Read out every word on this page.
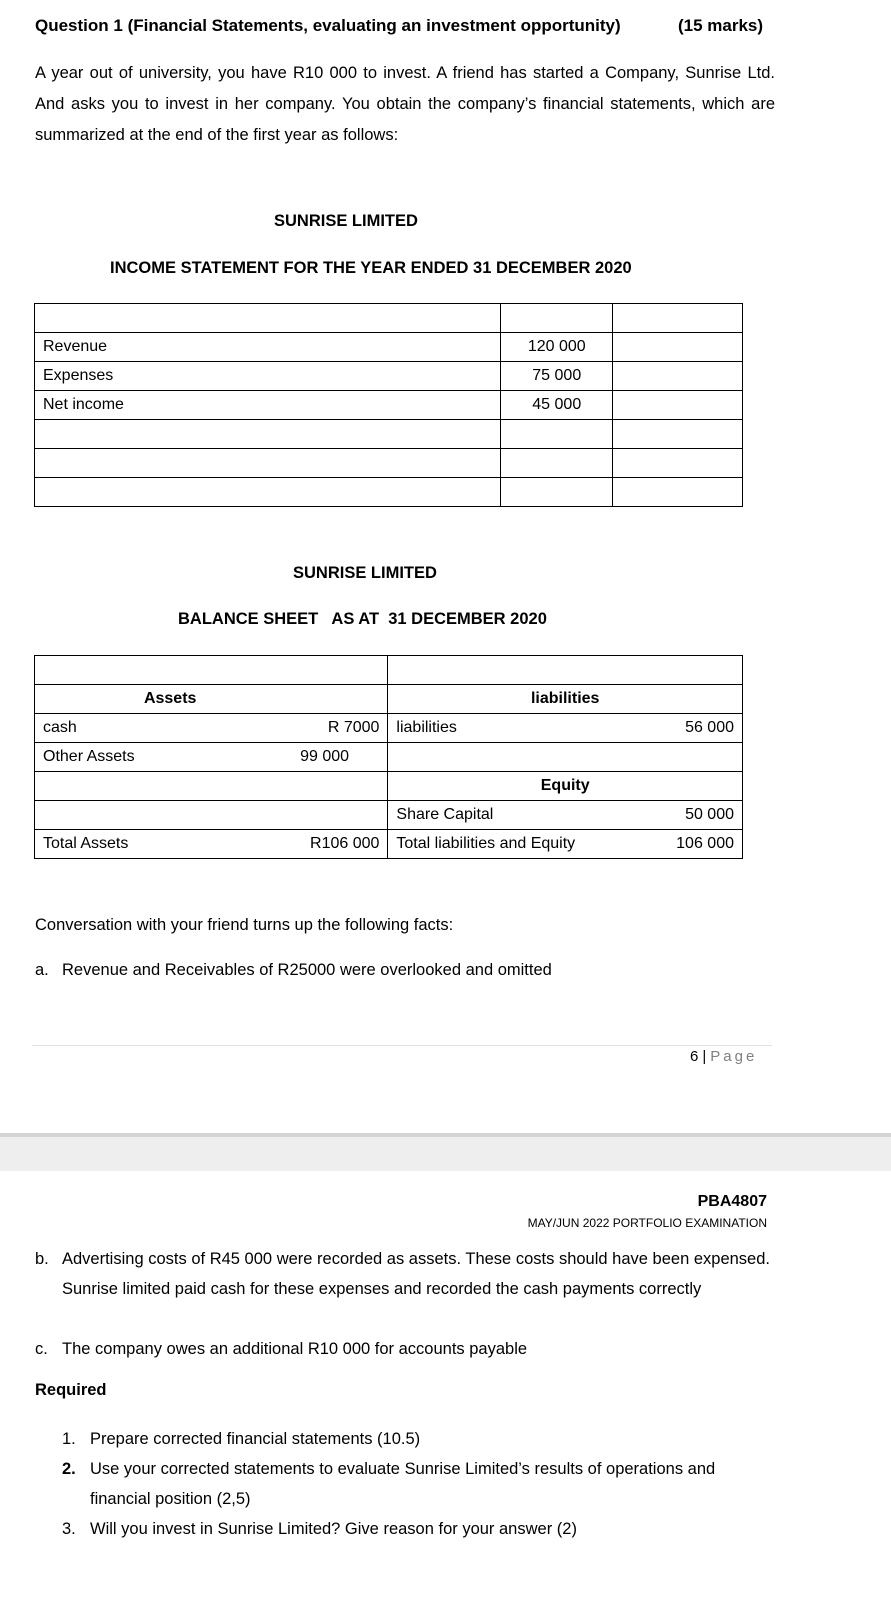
Question 1 (Financial Statements, evaluating an investment opportunity)	(15 marks)
A year out of university, you have R10 000 to invest. A friend has started a Company, Sunrise Ltd. And asks you to invest in her company. You obtain the company’s financial statements, which are summarized at the end of the first year as follows:
SUNRISE LIMITED
INCOME STATEMENT FOR THE YEAR ENDED 31 DECEMBER 2020

Revenue	120 000	
Expenses	75 000	
Net income	45 000	

SUNRISE LIMITED
BALANCE SHEET   AS AT  31 DECEMBER 2020

Assets		liabilities	
cash	R 7000	liabilities	56 000
Other Assets	99 000		
		Equity	
		Share Capital	50 000
Total Assets	R106 000	Total liabilities and Equity	106 000
Conversation with your friend turns up the following facts:
a. Revenue and Receivables of R25000 were overlooked and omitted
6 | Page
PBA4807
MAY/JUN 2022 PORTFOLIO EXAMINATION
b. Advertising costs of R45 000 were recorded as assets. These costs should have been expensed. Sunrise limited paid cash for these expenses and recorded the cash payments correctly
c. The company owes an additional R10 000 for accounts payable
Required
1. Prepare corrected financial statements (10.5)
2. Use your corrected statements to evaluate Sunrise Limited’s results of operations and financial position (2,5)
3. Will you invest in Sunrise Limited? Give reason for your answer (2)
